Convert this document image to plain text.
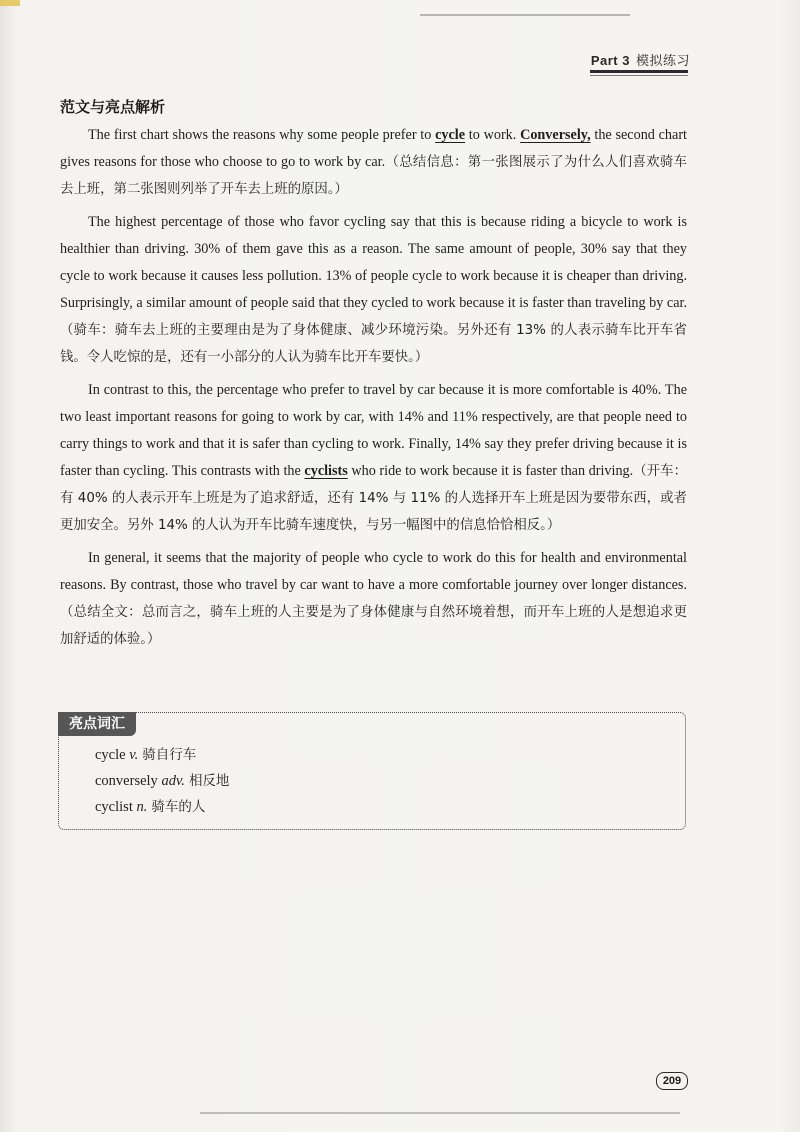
Part 3 模拟练习
范文与亮点解析

The first chart shows the reasons why some people prefer to cycle to work. Conversely, the second chart gives reasons for those who choose to go to work by car.（总结信息：第一张图展示了为什么人们喜欢骑车去上班，第二张图则列举了开车去上班的原因。）

The highest percentage of those who favor cycling say that this is because riding a bicycle to work is healthier than driving. 30% of them gave this as a reason. The same amount of people, 30% say that they cycle to work because it causes less pollution. 13% of people cycle to work because it is cheaper than driving. Surprisingly, a similar amount of people said that they cycled to work because it is faster than traveling by car.（骑车：骑车去上班的主要理由是为了身体健康、减少环境污染。另外还有 13% 的人表示骑车比开车省钱。令人吃惊的是，还有一小部分的人认为骑车比开车要快。）

In contrast to this, the percentage who prefer to travel by car because it is more comfortable is 40%. The two least important reasons for going to work by car, with 14% and 11% respectively, are that people need to carry things to work and that it is safer than cycling to work. Finally, 14% say they prefer driving because it is faster than cycling. This contrasts with the cyclists who ride to work because it is faster than driving.（开车：有 40% 的人表示开车上班是为了追求舒适，还有 14% 与 11% 的人选择开车上班是因为要带东西，或者更加安全。另外 14% 的人认为开车比骑车速度快，与另一幅图中的信息恰恰相反。）

In general, it seems that the majority of people who cycle to work do this for health and environmental reasons. By contrast, those who travel by car want to have a more comfortable journey over longer distances.（总结全文：总而言之，骑车上班的人主要是为了身体健康与自然环境着想，而开车上班的人是想追求更加舒适的体验。）

亮点词汇
cycle v. 骑自行车
conversely adv. 相反地
cyclist n. 骑车的人
209
